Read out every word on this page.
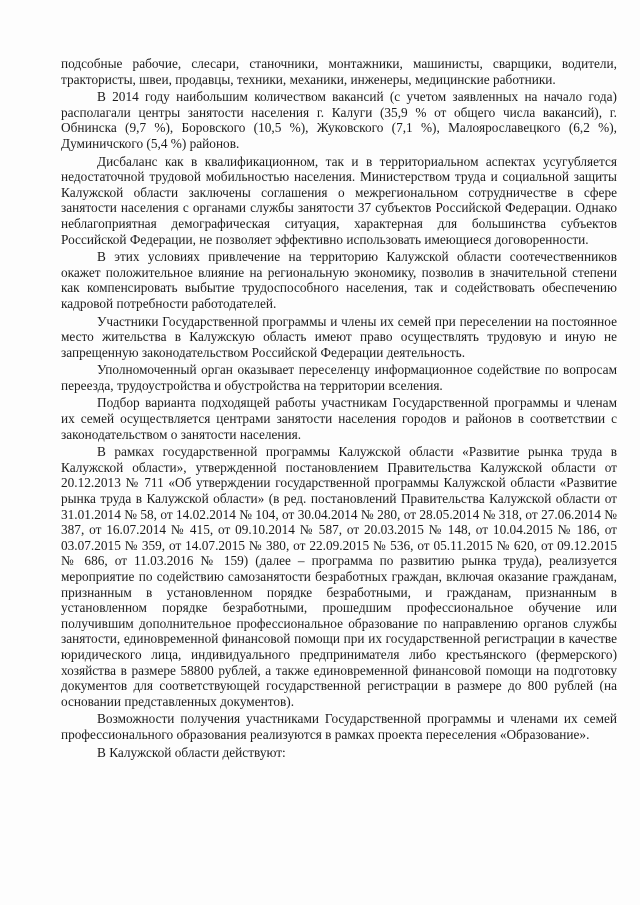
подсобные рабочие, слесари, станочники, монтажники, машинисты, сварщики, водители, трактористы, швеи, продавцы, техники, механики, инженеры, медицинские работники.

В 2014 году наибольшим количеством вакансий (с учетом заявленных на начало года) располагали центры занятости населения г. Калуги (35,9 % от общего числа вакансий), г. Обнинска (9,7 %), Боровского (10,5 %), Жуковского (7,1 %), Малоярославецкого (6,2 %), Думиничского (5,4 %) районов.

Дисбаланс как в квалификационном, так и в территориальном аспектах усугубляется недостаточной трудовой мобильностью населения. Министерством труда и социальной защиты Калужской области заключены соглашения о межрегиональном сотрудничестве в сфере занятости населения с органами службы занятости 37 субъектов Российской Федерации. Однако неблагоприятная демографическая ситуация, характерная для большинства субъектов Российской Федерации, не позволяет эффективно использовать имеющиеся договоренности.

В этих условиях привлечение на территорию Калужской области соотечественников окажет положительное влияние на региональную экономику, позволив в значительной степени как компенсировать выбытие трудоспособного населения, так и содействовать обеспечению кадровой потребности работодателей.

Участники Государственной программы и члены их семей при переселении на постоянное место жительства в Калужскую область имеют право осуществлять трудовую и иную не запрещенную законодательством Российской Федерации деятельность.

Уполномоченный орган оказывает переселенцу информационное содействие по вопросам переезда, трудоустройства и обустройства на территории вселения.

Подбор варианта подходящей работы участникам Государственной программы и членам их семей осуществляется центрами занятости населения городов и районов в соответствии с законодательством о занятости населения.

В рамках государственной программы Калужской области «Развитие рынка труда в Калужской области», утвержденной постановлением Правительства Калужской области от 20.12.2013 № 711 «Об утверждении государственной программы Калужской области «Развитие рынка труда в Калужской области» (в ред. постановлений Правительства Калужской области от 31.01.2014 № 58, от 14.02.2014 № 104, от 30.04.2014 № 280, от 28.05.2014 № 318, от 27.06.2014 № 387, от 16.07.2014 № 415, от 09.10.2014 № 587, от 20.03.2015 № 148, от 10.04.2015 № 186, от 03.07.2015 № 359, от 14.07.2015 № 380, от 22.09.2015 № 536, от 05.11.2015 № 620, от 09.12.2015 № 686, от 11.03.2016 № 159) (далее – программа по развитию рынка труда), реализуется мероприятие по содействию самозанятости безработных граждан, включая оказание гражданам, признанным в установленном порядке безработными, и гражданам, признанным в установленном порядке безработными, прошедшим профессиональное обучение или получившим дополнительное профессиональное образование по направлению органов службы занятости, единовременной финансовой помощи при их государственной регистрации в качестве юридического лица, индивидуального предпринимателя либо крестьянского (фермерского) хозяйства в размере 58800 рублей, а также единовременной финансовой помощи на подготовку документов для соответствующей государственной регистрации в размере до 800 рублей (на основании представленных документов).

Возможности получения участниками Государственной программы и членами их семей профессионального образования реализуются в рамках проекта переселения «Образование».

В Калужской области действуют:
